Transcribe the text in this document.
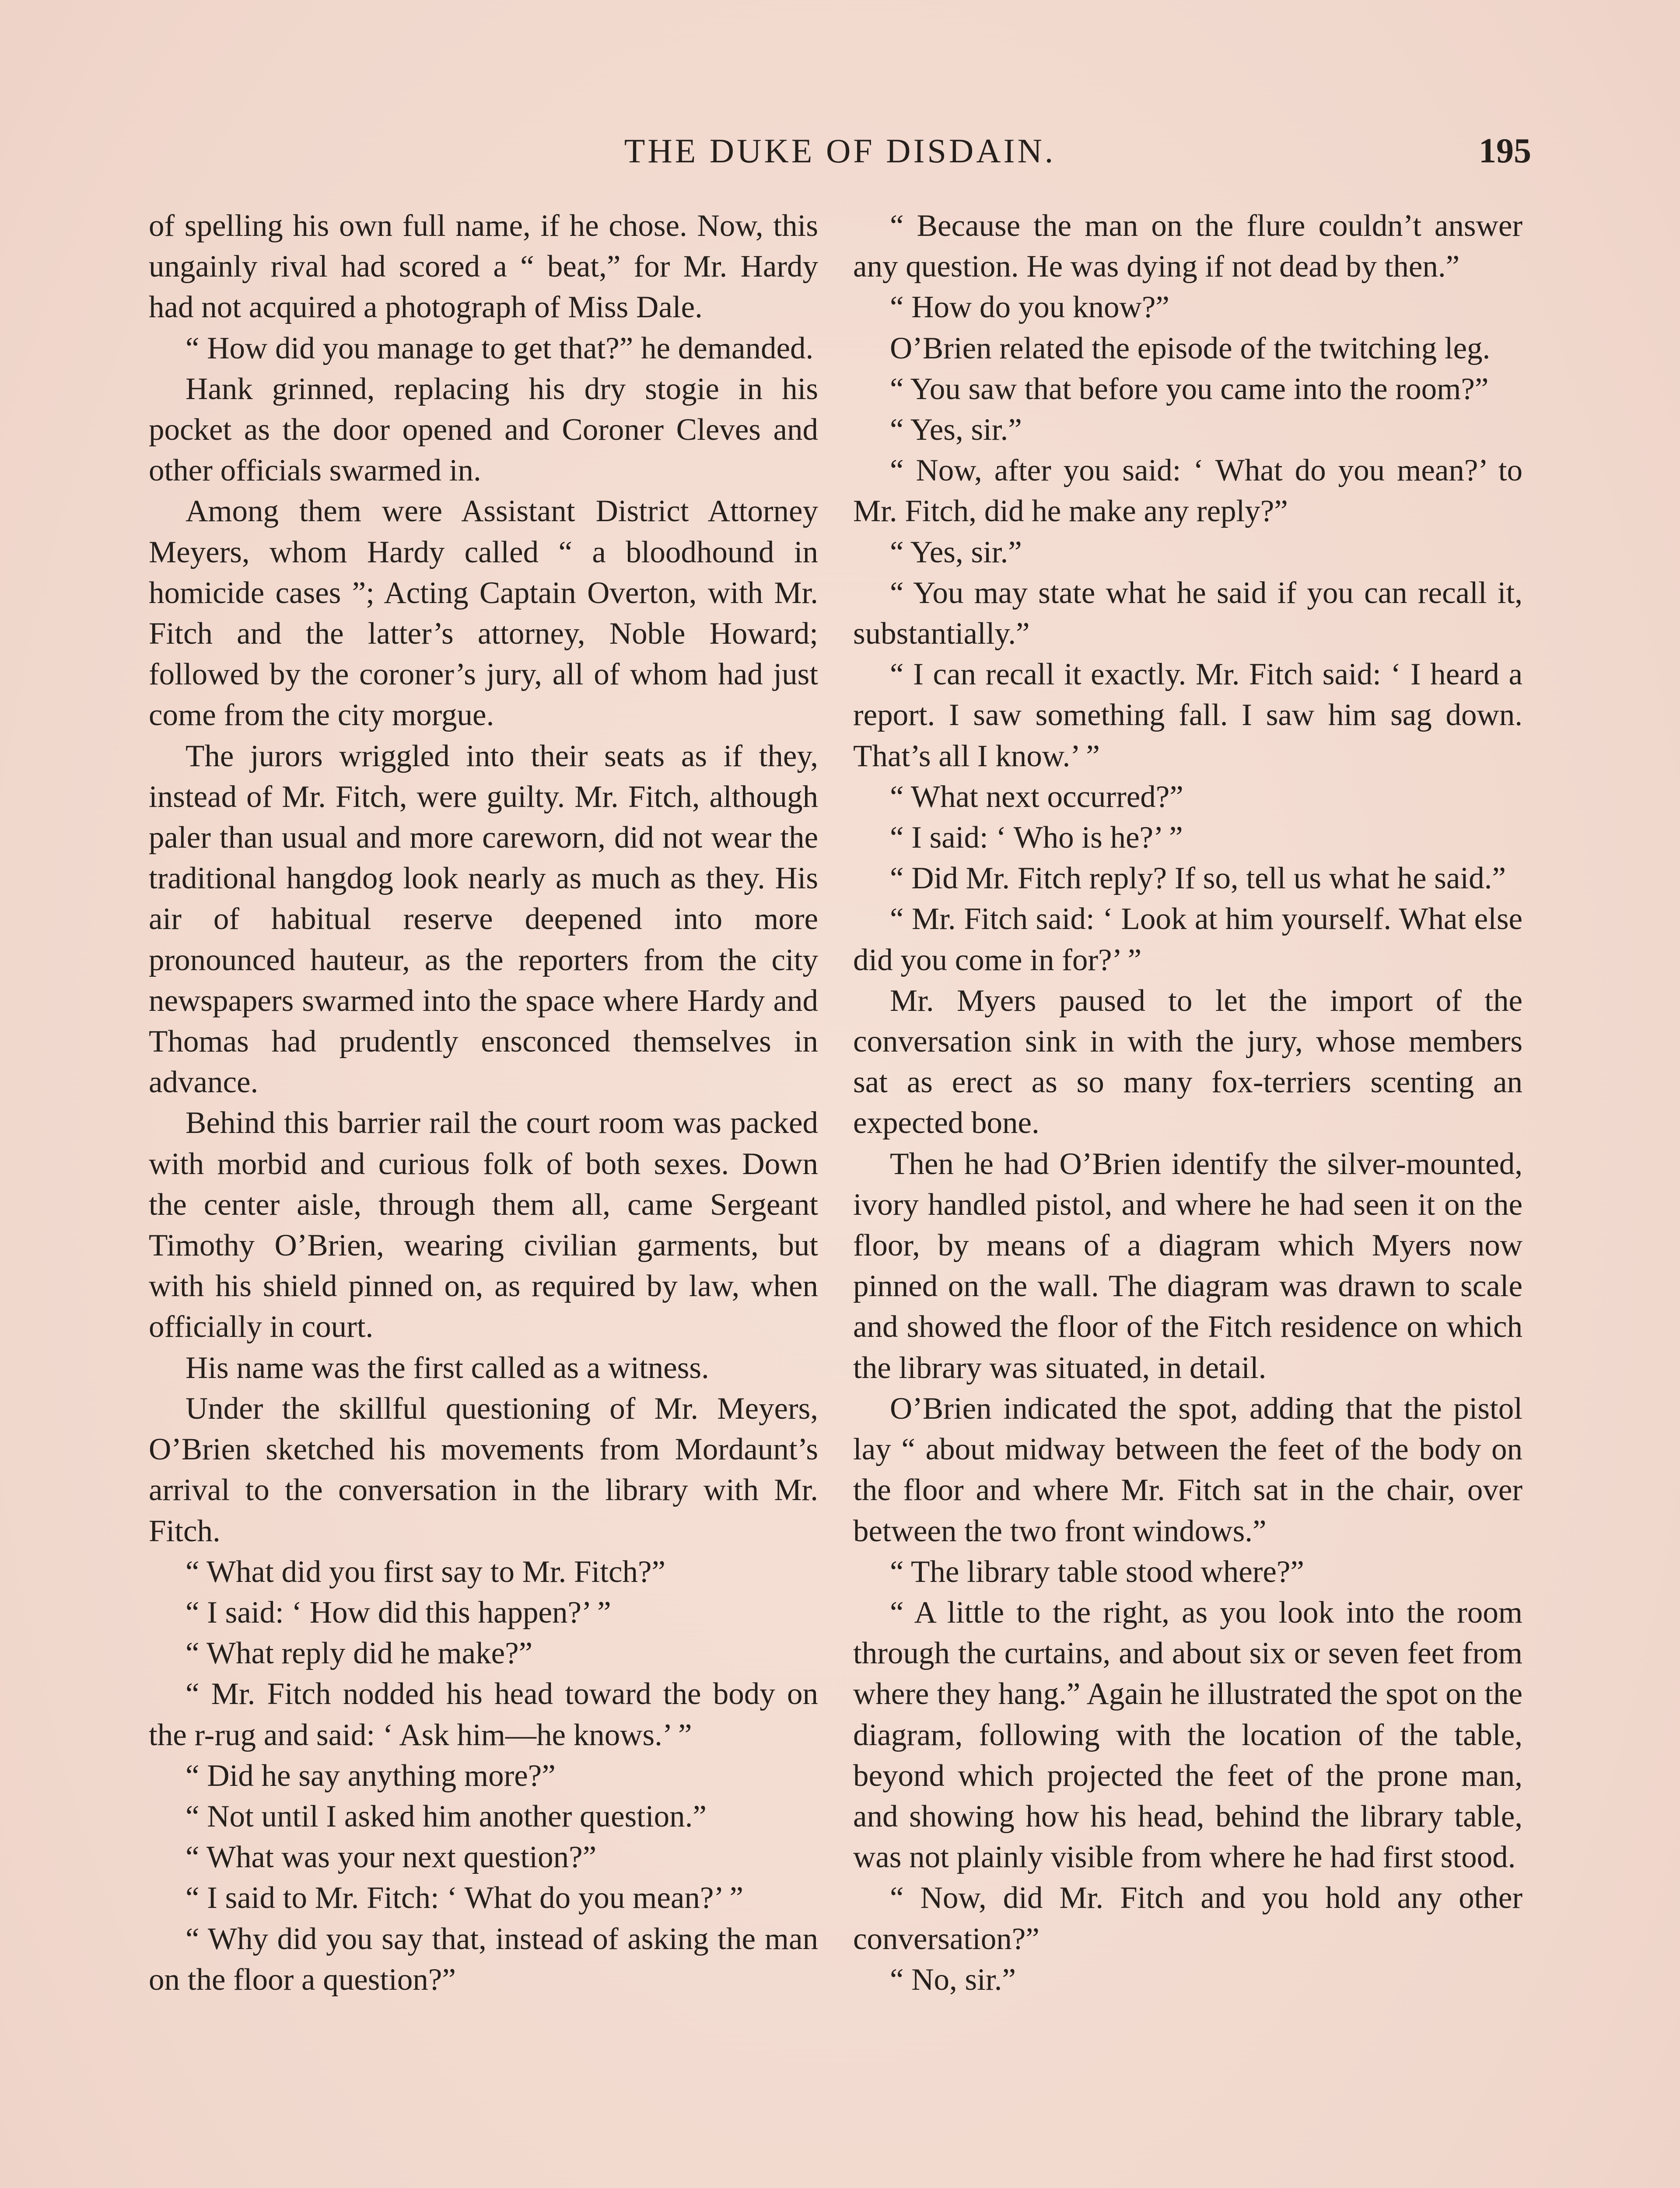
THE DUKE OF DISDAIN.	195

of spelling his own full name, if he chose. Now, this ungainly rival had scored a “ beat,” for Mr. Hardy had not acquired a photograph of Miss Dale.

“ How did you manage to get that?” he demanded.

Hank grinned, replacing his dry stogie in his pocket as the door opened and Coroner Cleves and other officials swarmed in.

Among them were Assistant District Attorney Meyers, whom Hardy called “ a bloodhound in homicide cases ”; Acting Captain Overton, with Mr. Fitch and the latter’s attorney, Noble Howard; followed by the coroner’s jury, all of whom had just come from the city morgue.

The jurors wriggled into their seats as if they, instead of Mr. Fitch, were guilty. Mr. Fitch, although paler than usual and more careworn, did not wear the traditional hangdog look nearly as much as they. His air of habitual reserve deepened into more pronounced hauteur, as the reporters from the city newspapers swarmed into the space where Hardy and Thomas had prudently ensconced themselves in advance.

Behind this barrier rail the court room was packed with morbid and curious folk of both sexes. Down the center aisle, through them all, came Sergeant Timothy O’Brien, wearing civilian garments, but with his shield pinned on, as required by law, when officially in court.

His name was the first called as a witness.

Under the skillful questioning of Mr. Meyers, O’Brien sketched his movements from Mordaunt’s arrival to the conversation in the library with Mr. Fitch.

“ What did you first say to Mr. Fitch?”

“ I said: ‘ How did this happen?’ ”

“ What reply did he make?”

“ Mr. Fitch nodded his head toward the body on the r-rug and said: ‘ Ask him—he knows.’ ”

“ Did he say anything more?”

“ Not until I asked him another question.”

“ What was your next question?”

“ I said to Mr. Fitch: ‘ What do you mean?’ ”

“ Why did you say that, instead of asking the man on the floor a question?”

“ Because the man on the flure couldn’t answer any question. He was dying if not dead by then.”

“ How do you know?”

O’Brien related the episode of the twitching leg.

“ You saw that before you came into the room?”

“ Yes, sir.”

“ Now, after you said: ‘ What do you mean?’ to Mr. Fitch, did he make any reply?”

“ Yes, sir.”

“ You may state what he said if you can recall it, substantially.”

“ I can recall it exactly. Mr. Fitch said: ‘ I heard a report. I saw something fall. I saw him sag down. That’s all I know.’ ”

“ What next occurred?”

“ I said: ‘ Who is he?’ ”

“ Did Mr. Fitch reply? If so, tell us what he said.”

“ Mr. Fitch said: ‘ Look at him yourself. What else did you come in for?’ ”

Mr. Myers paused to let the import of the conversation sink in with the jury, whose members sat as erect as so many fox-terriers scenting an expected bone.

Then he had O’Brien identify the silver-mounted, ivory handled pistol, and where he had seen it on the floor, by means of a diagram which Myers now pinned on the wall. The diagram was drawn to scale and showed the floor of the Fitch residence on which the library was situated, in detail.

O’Brien indicated the spot, adding that the pistol lay “ about midway between the feet of the body on the floor and where Mr. Fitch sat in the chair, over between the two front windows.”

“ The library table stood where?”

“ A little to the right, as you look into the room through the curtains, and about six or seven feet from where they hang.” Again he illustrated the spot on the diagram, following with the location of the table, beyond which projected the feet of the prone man, and showing how his head, behind the library table, was not plainly visible from where he had first stood.

“ Now, did Mr. Fitch and you hold any other conversation?”

“ No, sir.”
